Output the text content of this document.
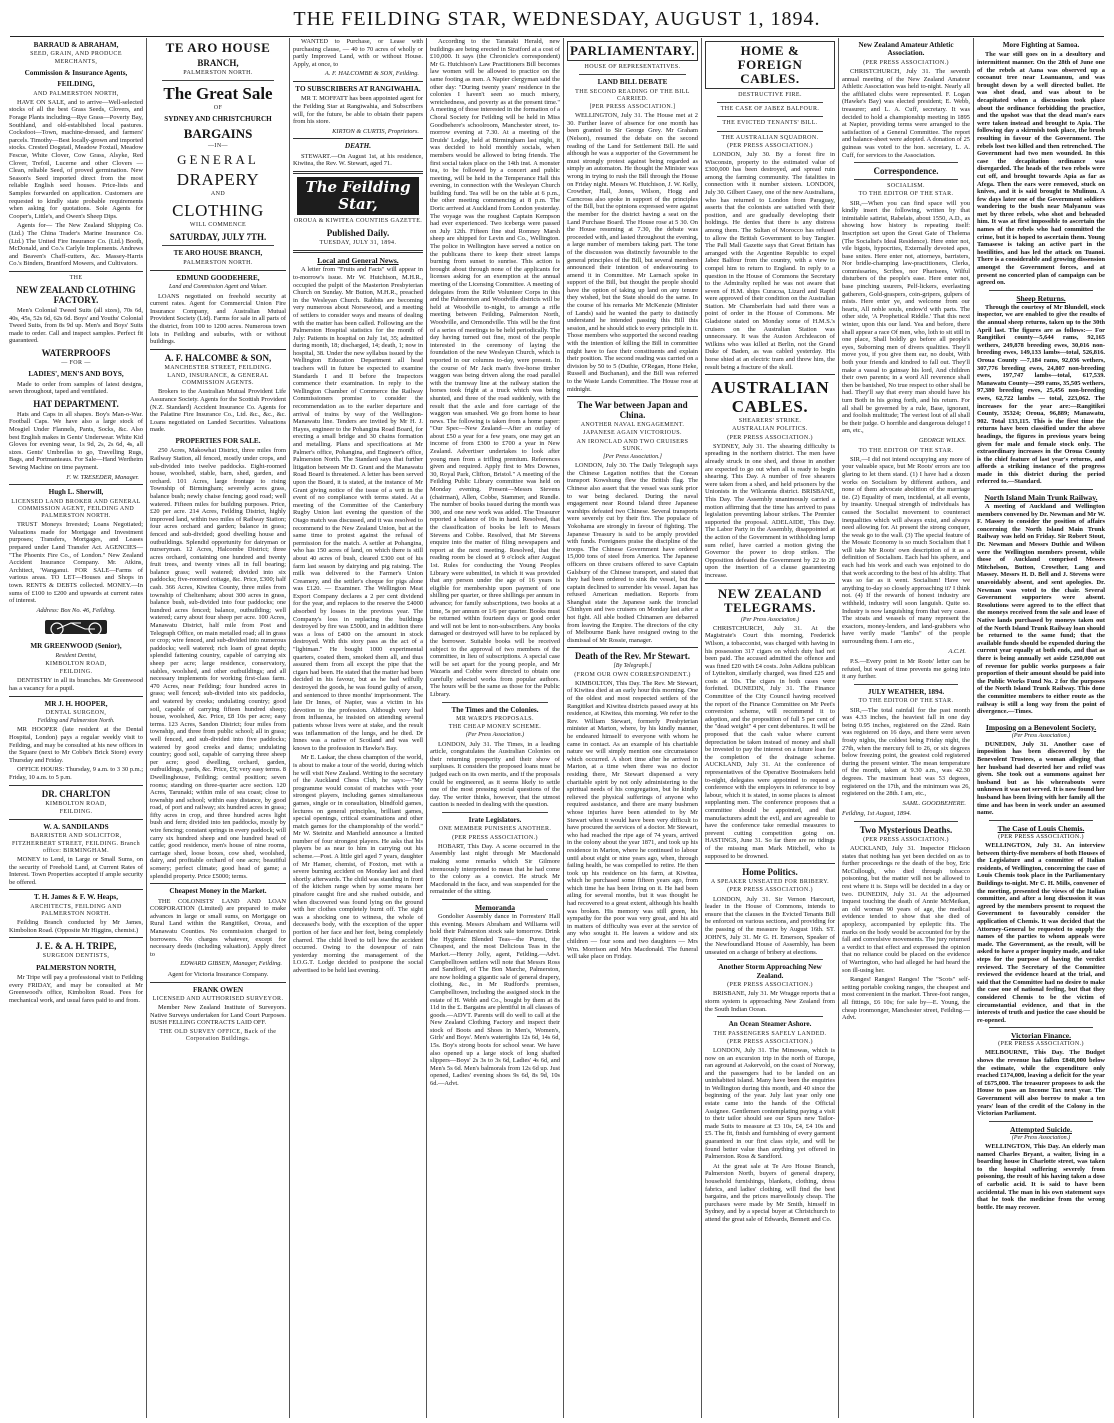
THE FEILDING STAR, WEDNESDAY, AUGUST 1, 1894.
BARRAUD & ABRAHAM,
SEED, GRAIN, AND PRODUCE MERCHANTS,
Commission & Insurance Agents,
FEILDING,
AND PALMERSTON NORTH,

HAVE ON SALE, and to arrive—Well-selected stocks of all the best Grass Seeds, Clovers, and Forage Plants including—Rye Grass—Poverty Bay, Southland, and old-established local pastures. Cocksfoot—Town, machine-dressed, and farmers' parcels. Timothy—Best locally-grown and imported stocks. Crested Dogstail, Meadow Foxtail, Meadow Fescue, White Clover, Cow Grass, Alsyke, Red Clover, Trefoil, Lucerne and other Clovers — Clean, reliable Seed, of proved germination. New Season's Seed imported direct from the most reliable English seed houses. Price-lists and Samples forwarded on application. Customers are requested to kindly state probable requirements when asking for quotations. Sole Agents for Cooper's, Little's, and Owen's Sheep Dips.

Agents for— The New Zealand Shipping Co. (Ltd.) The China Trader's Marine Insurance Co. (Ltd.) The United Fire Insurance Co. (Ltd.) Booth, McDonald, and Co.'s Carlyle Implements. Andrews and Beaven's Chaff-cutters, &c. Massey-Harris Co.'s Binders, Brantford Mowers, and Cultivators.

THE
NEW ZEALAND CLOTHING FACTORY.

Men's Colonial Tweed Suits (all sizes), 70s 6d, 40s, 45s, 52s 6d, 62s 6d. Boys' and Youths' Colonial Tweed Suits, from 8s 9d up. Men's and Boys' Suits made to order. Call and inspect samples. Perfect fit guaranteed.

WATERPROOFS
— FOR —
LADIES', MEN'S AND BOYS,

Made to order from samples of latest designs, sewn throughout, taped and ventilated.

HAT DEPARTMENT.

Hats and Caps in all shapes. Boy's Man-o-War. Football Caps. We have also a large stock of Mosgiel Under Flannels, Pants, Socks, &c. Also best English makes in Gents' Underwear. White Kid Gloves for evening wear, 1s 9d, 2s, 2s 6d, 4s, all sizes. Gents' Umbrellas to go, Travelling Rugs, Bags, and Portmanteaus. For Sale—Hand Wertheim Sewing Machine on time payment.

F. W. TRESEDER, Manager.
Hugh L. Sherwill,
LICENSED LAND BROKER AND GENERAL COMMISSION AGENT, FEILDING AND PALMERSTON NORTH.

TRUST Moneys Invested; Loans Negotiated; Valuations made for Mortgage and Investment purposes; Transfers, Mortgages, and Leases prepared under Land Transfer Act. AGENCIES— "The Phoenix Fire Co., of London." New Zealand Accident Insurance Company. Mr. Atkins, Architect, 'Wanganui. FOR SALE—Farms of various areas. TO LET—Houses and Shops in town. RENTS & DEBTS collected. MONEY.—In sums of £100 to £200 and upwards at current rates of interest.

Address: Box No. 46, Feilding.
MR GREENWOOD (Senior),
Resident Dentist,
KIMBOLTON ROAD,
FEILDING.

DENTISTRY in all its branches. Mr Greenwood has a vacancy for a pupil.

MR J. H. HOOPER,
DENTAL SURGEON,
Feilding and Palmerston North.

MR HOOPER (late resident at the Dental Hospital, London) pays a regular weekly visit to Feilding, and may be consulted at his new offices in the Square (next to Mr Cobbe's Brick Store) every Thursday and Friday.

OFFICE HOURS: Thursday, 9 a.m. to 3 30 p.m.; Friday, 10 a.m. to 5 p.m.

DR. CHARLTON
KIMBOLTON ROAD,
FEILDING.
W. A. SANDILANDS
BARRISTER AND SOLICITOR, FITZHERBERT STREET, FEILDING. Branch office: BIRMINGHAM.

MONEY to Lend, in Large or Small Sums, on the security of Freehold Land, at Current Rates of Interest. Town Properties accepted if ample security be offered.

T. H. James & F. W. Heaps,
ARCHITECTS, FEILDING AND PALMERSTON NORTH.

Feilding Branch conducted by Mr James, Kimbolton Road. (Opposite Mr Higgins, chemist.)

J. E. & A. H. TRIPE,
SURGEON DENTISTS,
PALMERSTON NORTH,

Mr Tripe will pay a professional visit to Feilding every FRIDAY, and may be consulted at Mr Greenwood's office, Kimbolton Road. Fees for mechanical work, and usual fares paid to and from.

TE ARO HOUSE
BRANCH,
PALMERSTON NORTH.
The Great Sale
OF
SYDNEY AND CHRISTCHURCH
BARGAINS
—IN—
GENERAL
DRAPERY
AND
CLOTHING
WILL COMMENCE
SATURDAY, JULY 7TH.
TE ARO HOUSE BRANCH,
PALMERSTON NORTH.
EDMUND GOODEHERE,
Land and Commission Agent and Valuer.

LOANS negotiated on freehold security at current rates. Agent for Commercial Union Fire Insurance Company, and Australian Mutual Provident Society (Ltd). Farms for sale in all parts of the district, from 100 to 1200 acres. Numerous town lots in Feilding and suburbs, with or without buildings.

A. F. HALCOMBE & SON,
MANCHESTER STREET, FEILDING.
LAND, INSURANCE, & GENERAL COMMISSION AGENTS.

Brokers to the Australian Mutual Provident Life Assurance Society. Agents for the Scottish Provident (N.Z. Standard) Accident Insurance Co. Agents for the Palatine Fire Insurance Co., Ltd. &c., &c., &c. Loans negotiated on Landed Securities. Valuations made.

PROPERTIES FOR SALE.

250 Acres, Makowhai District, three miles from Railway Station, all fenced, mostly under crops, and sub-divided into twelve paddocks. Eight-roomed house, woolshed, stable, barn, shed, garden, and orchard. 101 Acres, large frontage to rising Township of Birmingham; severely acres grass, balance bush; newly chaise fencing; good road; well watered. Fifteen miles for building purposes. Price, £20 per acre. 214 Acres, Feilding District, highly improved land, within two miles of Railway Station; four acres orchard and garden; balance in grass; fenced and sub-divided; good dwelling house and outbuildings. Splendid opportunity for dairyman or nurseryman. 12 Acres, Halcombe District; three acres orchard, containing one hundred and twenty fruit trees, and twenty vines all in full bearing; balance grass; well watered; divided into six paddocks; five-roomed cottage, &c. Price, £300; half cash. 366 Acres, Kiwitea County, three miles from township of Cheltenham; about 300 acres in grass, balance bush, sub-divided into four paddocks; one hundred acres fenced; balance, outbuilding; well watered; carry about four sheep per acre. 100 Acres, Manawatu District, half mile from Post and Telegraph Office, on main metalled road; all in grass or crop; wire fenced, and sub-divided into numerous paddocks; well watered; rich loam of great depth; splendid fattening country, capable of carrying six sheep per acre; large residence, conservatory, stables, woolshed, and other outbuildings; and all necessary implements for working first-class farm. 470 Acres, near Feilding; four hundred acres in grass; well fenced; sub-divided into six paddocks, and watered by creeks; undulating country; good soil, capable of carrying fifteen hundred sheep; house, woolshed, &c. Price, £8 10s per acre; easy terms. 123 Acres, Sandon District; four miles from township, and three from public school; all in grass; well fenced, and sub-divided into five paddocks; watered by good creeks and dams; undulating country; good soil, capable of carrying three sheep per acre; good dwelling, orchard, garden, outbuildings, yards, &c. Price, £9; very easy terms. 8 Dwellinghouse, Feilding; central position; seven rooms; standing on three-quarter acre section. 120 Acres, Tarunaki; within mile of sea coast; close to township and school; within easy distance, by good road, of port and railway; six hundred acres in grass; fifty acres in crop, and three hundred acres light bush and fern; divided into ten paddocks, mostly by wire fencing; constant springs in every paddock; will carry six hundred sheep and one hundred head of cattle; good residence, men's house of nine rooms, carriage shed, loose boxes, cow shed, woolshed, dairy, and profitable orchard of one acre; beautiful scenery; perfect climate; good head of game; a splendid property. Price £5000; terms.

Cheapest Money in the Market.

THE COLONISTS' LAND AND LOAN CORPORATION (Limited) are prepared to make advances in large or small sums, on Mortgage on Rural Land within the Rangitikei, Oroua, and Manawatu Counties. No commission charged to borrowers. No charges whatever, except for necessary deeds (including valuation). Apply direct to

EDWARD GIBSEN, Manager, Feilding.
Agent for Victoria Insurance Company.
FRANK OWEN
LICENSED AND AUTHORISED SURVEYOR.

Member New Zealand Institute of Surveyors. Native Surveys undertaken for Land Court Purposes. BUSH FELLING CONTRACTS LAID OFF.

THE OLD SURVEY OFFICE, Back of the Corporation Buildings.

WANTED to Purchase, or Lease with purchasing clause, — 40 to 70 acres of wholly or partly Improved Land, with or without House. Apply, at once, to

A. F. HALCOMBE & SON, Feilding.
TO SUBSCRIBERS AT RANGIWAHIA.

MR T. MOFFATT has been appointed agent for the Feilding Star at Rangiwahia, and Subscribers will, for the future, be able to obtain their papers from his store.

KIRTON & CURTIS, Proprietors.
DEATH.

STEWART.—On August 1st, at his residence, Kiwitea, the Rev. W. Stewart, aged 71.

The Feilding Star,
OROUA & KIWITEA COUNTIES GAZETTE.
Published Daily.
TUESDAY, JULY 31, 1894.
Local and General News.

A letter from "Fruits and Facts" will appear in to-morrow's issue. Mr W. Hutchison, M.H.R., occupied the pulpit of the Masterton Presbyterian Church on Sunday. Mr Button, M.H.R., preached in the Wesleyan Church. Rabbits are becoming very numerous about Norsewood, and a meeting of settlers to consider ways and means of dealing with the matter has been called. Following are the Palmerston Hospital statistics for the month of July: Patients in hospital on July 1st, 35; admitted during month, 18; discharged, 14; death, 1; now in hospital, 38. Under the new syllabus issued by the Wellington Education Department all head teachers will in future be expected to examine Standards I and II before the Inspectors commence their examination. In reply to the Wellington Chamber of Commerce the Railway Commissioners promise to consider the recommendation as to the earlier departure and arrival of trains by way of the Wellington-Manawatu line. Tenders are invited by Mr H. J. Hayes, engineer to the Pohangina Road Board, for erecting a small bridge and 30 chains formation and metalling. Plans and specifications at Mr Palmer's office, Pohangina, and Engineer's office, Palmerston North. The Standard says that further litigation between Mr D. Grant and the Manawatu Road Board is threatened. A letter has been served upon the Board, it is stated, at the instance of Mr Grant giving notice of the issue of a writ in the event of no compliance with terms stated. At a meeting of the Committee of the Canterbury Rugby Union last evening the question of the Otago match was discussed, and it was resolved to recommend to the New Zealand Union, but at the same time to protest against the refusal of permission for the match. A settler at Pohangina, who has 150 acres of land, on which there is still about 40 acres of bush, cleared £300 out of his farm last season by dairying and pig raising. The milk was delivered to the Farmer's Union Creamery, and the settler's cheque for pigs alone was £120. — Examiner. The Wellington Meat Export Company declares a 2 per cent dividend for the year, and replaces to the reserve the £4000 absorbed by losses in the previous year. The Company's loss in replacing the buildings destroyed by fire was £5000, and in addition there was a loss of £400 on the amount in stock destroyed. With this story pass as the act of a "lightman." He bought 1000 experimental quarters, coated them, smoked them all, and thus assured them from all except the pipe that the cigars had been. He stated that the matter had been decided in his favour, but as he had wilfully destroyed the goods, he was found guilty of arson, and sentenced to three months' imprisonment. The late Dr Innes, of Napier, was a victim in his devotion to the profession. Although very bad from influenza, he insisted on attending several patients whose lives were at stake, and the result was inflammation of the lungs, and he died. Dr Innes was a native of Scotland and was well known to the profession in Hawke's Bay.

Mr E. Laskar, the chess champion of the world, is about to make a tour of the world, during which he will visit New Zealand. Writing to the secretary of the Auckland Chess Club, he says:—"My programme would consist of matches with your strongest players, including games simultaneous games, single or in consultation, blindfold games, lectures on general principles, brilliant games, special openings, critical examinations and other match games for the championship of the world." Mr W. Steinitz and Manfield announce a limited number of four strongest players. He asks that his players be as near to him in carrying out his scheme.—Post. A little girl aged 7 years, daughter of Mr Hamer, chemist, of Foxton, met with a severe burning accident on Monday last and died shortly afterwards. The child was standing in front of the kitchen range when by some means her pinafore caught fire and she rushed outside, and when discovered was found lying on the ground with her clothes completely burnt off. The sight was a shocking one to witness, the whole of deceased's body, with the exception of the upper portion of her face and her feet, being completely charred. The child lived to tell how the accident occurred. Owing to the downpour of rain yesterday morning the management of the I.O.G.T. Lodge decided to postpone the social advertised to be held last evening.

According to the Taranaki Herald, new buildings are being erected in Stratford at a cost of £10,000. It says (the Chronicle's correspondent) Mr G. Hutchison's Law Practitioners Bill becomes law women will be allowed to practice on the same footing as men. A Napier clergyman said the other day: "During twenty years' residence in the colonies I haven't seen so much misery, wretchedness, and poverty as at the present time." A meeting of those interested in the formation of a Choral Society for Feilding will be held in Miss Goodbehere's schoolroom, Manchester street, to-morrow evening at 7.30. At a meeting of the Druids' Lodge, held at Birmingham last night, it was decided to hold monthly socials, when members would be allowed to bring friends. The first social takes place on the 14th inst. A monster tea, to be followed by a concert and public meeting, will be held in the Temperance Hall this evening, in connection with the Wesleyan Church building fund. Tea will be on the table at 6 p.m., the other meeting commencing at 8 p.m. The Doric arrived at Auckland from London yesterday. The voyage was the roughest Captain Kempson had ever experienced. Two icebergs were passed on July 12th. Fifteen fine stud Romney Marsh sheep are shipped for Levin and Co., Wellington. The police in Wellington have served a notice on the publicans there to keep their street lamps burning from sunset to sunrise. This action is brought about through none of the applicants for licenses asking for an exemption at the annual meeting of the Licensing Committee. A meeting of delegates from the Rifle Volunteer Corps in this and the Palmerston and Woodville districts will be held at Woodville to-night, to arrange a rifle meeting between Feilding, Palmerston North, Woodville, and Ormondville. This will be the first of a series of meetings to be held periodically. The day having turned out fine, most of the people interested in the ceremony of laying the foundation of the new Wesleyan Church, which is reported in our columns to-day, were present. In the course of Mr Jack man's five-horse timber waggon was being driven along the road parallel with the tramway line at the railway station the horses took fright at a truck which was being shunted, and three of the road suddenly, with the result that the axle and fore carriage of the waggon was smashed. We go from home to hear news. The following is taken from a home paper: "Our Spec—New Zealand—After an outlay of about £50 a year for a few years, one may get an income of from £300 to £700 a year in New Zealand. Advertiser undertakes to look after young men from a trifling premium. References given and required. Apply first to Mrs Downes, 30, Royal Park, Clifton, Bristol." A meeting of the Feilding Public Library committee was held on Monday evening. Present—Messrs Stevens (chairman), Allen, Cobbe, Stammer, and Rundle. The number of books issued during the month was 300, and one new work was added. The Treasurer reported a balance of 10s in hand. Resolved, that the classification of books be left to Messrs Stevens and Cobbe. Resolved, that Mr Stevens enquire into the matter of filing newspapers and report at the next meeting. Resolved, that the reading room be closed at 9 o'clock after August 1st. Rules for conducting the Young Peoples Library were submitted, in which it was provided that any person under the age of 16 years is eligible for membership upon payment of one shilling per quarter, or three shillings per annum in advance; for family subscriptions, two books at a time, 5s per annum or 1/6 per quarter. Books must be returned within fourteen days or good order and will not be lent to non-subscribers. Any books damaged or destroyed will have to be replaced by the borrower. Suitable books will be received subject to the approval of two members of the committee, in lieu of subscriptions. A special case will be set apart for the young people, and Mr Wazaris and Cobbe were directed to obtain one carefully selected works from popular authors. The hours will be the same as those for the Public Library.

The Times and the Colonies.
MR WARD'S PROPOSALS.
THE CHEAP MONEY SCHEME.
(Per Press Association.)

LONDON, July 31. The Times, in a leading article, congratulates the Australian Colonies on their returning prosperity and their show of surpluses. It considers the proposed loans must be judged each on its own merits, and if the proposals could be engineered, as it seems likely to settle one of the most pressing social questions of the day. The writer thinks, however, that the utmost caution is needed in dealing with the question.

Irate Legislators.
ONE MEMBER PUNISHES ANOTHER.
(PER PRESS ASSOCIATION.)

HOBART, This Day. A scene occurred in the Assembly last night through Mr Macdonald making some remarks which Sir Gilmore strenuously interpreted to mean that he had come to the colony as a convict. He struck Mr Macdonald in the face, and was suspended for the remainder of the sitting.

Memoranda

Gondolier Assembly dance in Forresters' Hall this evening. Messrs Abraham and Williams will hold their Palmerston stock sale tomorrow. Drink the Hygienic Blended Teas—the Purest, the Cheapest, and the most Delicious Teas in the Market.—Henry Jolly, agent, Feilding.—Advt. Campbelltown settlers will note that Messrs Ross and Sandford, of The Bon Marche, Palmerston, are now holding a gigantic sale of general drapery, clothing, &c., in Mr Rudford's premises, Campbelltown, including the assigned stock in the estate of H. Webb and Co., bought by them at 8s 11d in the £. Bargains are plentiful in all classes of goods.—ADVT. Parents will do well to call at the New Zealand Clothing Factory and inspect their stock of Boots and Shoes in Men's, Women's, Girls' and Boys'. Men's watertights 12s 6d, 14s 6d, 15s. Boy's strong boots for school wear. We have also opened up a large stock of long shafted slippers—Boys' 2s 3s to 3s 6d, Ladies' 4s 6d, and Men's 5s 6d. Men's balmorals from 12s 6d up. Just opened, Ladies' evening shoes 9s 6d, 8s 9d, 10s 6d.—Advt.

PARLIAMENTARY.
HOUSE OF REPRESENTATIVES.
LAND BILL DEBATE
THE SECOND READING OF THE BILL CARRIED.
[PER PRESS ASSOCIATION.]

WELLINGTON, July 31. The House met at 2 30. Further leave of absence for one month has been granted to Sir George Grey. Mr Graham (Nelson), resumed the debate on the second reading of the Land for Settlement Bill. He said although he was a supporter of the Government he must strongly protest against being regarded as simply an automaton. He thought the Minister was wrong in trying to rush the Bill through the House on Friday night. Messrs W. Hutchison, J. W. Kelly, Crowther, Hall, Jones, Wilson, Hogg and Carncross also spoke in support of the principles of the Bill, but the opinions expressed were against the member for the district having a seat on the Land Purchase Board. The House rose at 5 30. On the House resuming at 7.30, the debate was proceeded with, and lasted throughout the evening, a large number of members taking part. The tone of the discussion was distinctly favourable to the general principles of the Bill, but several members announced their intention of endeavouring to amend it in Committee. Mr Larnach spoke in support of the Bill, but thought the people should have the option of taking up land on any tenure they wished, but the State should do the same. In the course of his remarks Mr McKenzie (Minister of Lands) said he wanted the party to distinctly understand he intended passing this Bill this session, and he should stick to every principle in it. Those members who supported the second reading with the intention of killing the Bill in committee might have to face their constituents and explain their position. The second reading was carried on a division by 50 to 5 (Duthie, O'Regan, Hone Heke, Russell and Buchanan), and the Bill was referred to the Waste Lands Committee. The House rose at midnight.

The War between Japan and China.
ANOTHER NAVAL ENGAGEMENT.
JAPANESE AGAIN VICTORIOUS.
AN IRONCLAD AND TWO CRUISERS SUNK.
[Per Press Association.]

LONDON, July 30. The Daily Telegraph says the Chinese Legation notifies that the Corean transport Kowshung flew the British flag. The Chinese also assert that the vessel was sunk prior to war being declared. During the naval engagement near Round Island three Japanese warships defeated two Chinese. Several transports were severely cut by their fire. The populace of Yokohama are strongly in favour of fighting. The Japanese Treasury is said to be amply provided with funds. Foreigners praise the discipline of the troops. The Chinese Government have ordered 15,000 tons of steel from America. The Japanese officers on three cruisers offered to save Captain Galsbury of the Chinese transport, and stated that they had been ordered to sink the vessel, but the captain declined to surrender his vessel. Japan has refused American mediation. Reports from Shanghai state the Japanese sank the ironclad Chinhyen and two cruisers on Monday last after a hot fight. All able bodied Chinamen are debarred from leaving the Empire. The directors of the city of Melbourne Bank have resigned owing to the dismissal of Mr Rossie, manager.

Death of the Rev. Mr Stewart.
[By Telegraph.]
(FROM OUR OWN CORRESPONDENT.)

KIMBOLTON, This Day. The Rev. Mr Stewart, of Kiwitea died at an early hour this morning. One of the oldest and most respected settlers of the Rangitikei and Kiwitea districts passed away at his residence, at Kiwitea, this morning. We refer to the Rev. William Stewart, formerly Presbyterian minister at Marton, where, by his kindly manner, he endeared himself to everyone with whom he came in contact. As an example of his charitable nature we will simply mention one circumstance which occurred. A short time after he arrived in Marton, at a time when there was no doctor residing there, Mr Stewart dispensed a very charitable spirit by not only administering to the spiritual needs of his congregation, but he kindly relieved the physical sufferings of anyone who required assistance, and there are many bushmen whose injuries have been attended to by Mr Stewart when it would have been very difficult to have procured the services of a doctor. Mr Stewart, who had reached the ripe age of 74 years, arrived in the colony about the year 1871, and took up his residence in Marton, where he continued to labour until about eight or nine years ago, when, through failing health, he was compelled to retire. He then took up his residence on his farm, at Kiwitea, which he purchased some fifteen years ago, from which time he has been living on it. He had been ailing for several months, but it was thought he had recovered to a great extent, although his health was broken. His memory was still green, his sympathy for the poor was very great, and his aid in matters of difficulty was ever at the service of any who sought it. He leaves a widow and six children — four sons and two daughters — Mrs Wm. Morrison and Mrs Macdonald. The funeral will take place on Friday.

HOME & FOREIGN CABLES.
DESTRUCTIVE FIRE.
THE CASE OF JABEZ BALFOUR.
THE EVICTED TENANTS' BILL.
THE AUSTRALIAN SQUADRON.
(PER PRESS ASSOCIATION.)

LONDON, July 30. By a forest fire in Wisconsin, property to the estimated value of £300,000 has been destroyed, and spread ruin among the farming community. The fatalities in connection with it number sixteen. LONDON, July 30. Gilbert Casey, one of the new Australians, who has returned to London from Paraguay, asserts that the colonists are satisfied with their position, and are gradually developing their holdings. He denies that there is any distress among them. The Sultan of Morocco has refused to allow the British Government to buy Tangier. The Pall Mall Gazette says that Great Britain has arranged with the Argentine Republic to expel Jabez Balfour from the country, with a view to compel him to return to England. In reply to a question in the House of Commons the Secretary to the Admiralty replied he was not aware that seven of H.M. ships Curacoa, Lizard and Rapid were approved of their condition on the Australian Station. Mr Chamberlain had said there was a point of order in the House of Commons. Mr Gladstone stated on Monday some of H.M.S.'s cruisers on the Australian Station was unnecessary. It was the Auston Archdeacon of Wilkins who was killed at Berlin, not the Grand Duke of Baden, as was cabled yesterday. His horse shied at an electric tram and threw him, the result being a fracture of the skull.

AUSTRALIAN CABLES.
SHEARERS' STRIKE.
AUSTRALIAN POLITICS.
(PER PRESS ASSOCIATION.)

SYDNEY, July 31. The shearing difficulty is spreading in the northern district. The men have already struck in one shed, and those in another are expected to go out when all is ready to begin shearing. This Day. A number of free shearers were taken from a shed, and held prisoners by the Unionists in the Wilcannia district. BRISBANE, This Day. The Assembly unanimously carried a motion affirming that the time has arrived to pass legislation preventing labour strikes. The Premier supported the proposal. ADELAIDE, This Day. The Labor Party in the Assembly, disappointed at the action of the Government in withholding lump sum relief, have carried a motion giving the Governor the power to drop strikes. The Opposition defeated the Government by 22 to 20 upon the insertion of a clause guaranteeing increase.

NEW ZEALAND TELEGRAMS.
(Per Press Association.)

CHRISTCHURCH, July 31. At the Magistrate's Court this morning, Frederick Wilson, a tobacconist, was charged with having in his possession 317 cigars on which duty had not been paid. The accused admitted the offence and was fined £20 with £4 costs. John Adkins publican of Lyttelton, similarly charged, was fined £25 and costs at 10s. The cigars in both cases were forfeited. DUNEDIN, July 31. The Finance Committee of the City Council having received the report of the Finance Committee on Mr Peet's conversion scheme, will recommend it to adoption, and the proposition of full 5 per cent of the "dead weight" 4 per cent debentures. It will be proposed that the cash value where current depreciation be taken instead of money and shall be invested to pay the interest on a future loan for the completion of the drainage scheme. AUCKLAND, July 31. At the conference of representatives of the Operative Bootmakers held to-night, delegates were appointed to request a conference with the employers in reference to boy labour, which it is stated, in some places is almost supplanting men. The conference proposes that a committee should be appointed, and that manufacturers admit the evil, and are agreeable to have the conference take remedial measures to prevent cutting competition going on. HASTINGS, June 31. So far there are no tidings of the missing man Mark Mitchell, who is supposed to be drowned.

Home Politics.
A SPEAKER UNSEATED FOR BRIBERY.
(PER PRESS ASSOCIATION.)

LONDON, July 31. Sir Vernon Harcourt, leader in the House of Commons, intends to ensure that the clauses in the Evicted Tenants Bill be enforced on various sections, and providing for the passing of the measure by August 16th. ST. JOHN'S, July 31. Mr G. H. Emerson, Speaker of the Newfoundland House of Assembly, has been unseated on a charge of bribery at elections.

Another Storm Approaching New Zealand.
(PER PRESS ASSOCIATION.)

BRISBANE, July 31. Mr Wragge reports that a storm system is approaching New Zealand from the South Indian Ocean.

An Ocean Steamer Ashore.
THE PASSENGERS SAFELY LANDED.
(PER PRESS ASSOCIATION.)

LONDON, July 31. The Mimowas, which is now on an excursion trip in the north of Europe, ran aground at Askervold, on the coast of Norway, and the passengers had to be landed on an uninhabited island. Many have been the enquiries in Wellington during this month, and 40 since the beginning of the year. July last year only one estate came into the hands of the Official Assignee. Gentlemen contemplating paying a visit to their tailor should see our Spurs new Tailor-made Suits to measure at £3 10s, £4, £4 10s and £5. The fit, finish and furnishing of every garment guaranteed in our first class style, and will be found better value than anything yet offered in Palmerston. Ross & Sandford.

At the great sale at Te Aro House Branch, Palmerston North, buyers of general drapery, household furnishings, blankets, clothing, dress fabrics, and ladies' clothing, will find the best bargains, and the prices marvellously cheap. The purchases were made by Mr Smith, himself in Sydney, and by a special buyer at Christchurch to attend the great sale of Edwards, Bennett and Co.

New Zealand Amateur Athletic Association.
(PER PRESS ASSOCIATION.)

CHRISTCHURCH, July 31. The seventh annual meeting of the New Zealand Amateur Athletic Association was held to-night. Nearly all the affiliated clubs were represented. F. Logan (Hawke's Bay) was elected president; E. Webb, treasurer; and L. A. Cuff, secretary. It was decided to hold a championship meeting in 1895 at Napier, providing terms were arranged to the satisfaction of a General Committee. The report and balance-sheet were adopted. A donation of 25 guineas was voted to the hon. secretary, L. A. Cuff, for services to the Association.

Correspondence.
SOCIALISM.
TO THE EDITOR OF THE STAR.

SIR,—When you can find space will you kindly insert the following, written by that inimitable satirist, Rabelais, about 1550, A.D., as showing how history is repeating itself: Inscription set upon the Great Gate of Thelema (The Socialist's Ideal Residence). Here enter not, vile bigots, hypocrites, Externally devoted apes, base snites. Here enter not, attorneys, barristers, Nor bridle-champing law-practitioners, Clerks, commissaries, Scribes, nor Pharisees, Wilful disturbers of the people's ease. Here enter not, base pinching usurers, Pelf-lickers, everlasting gatherers, Gold-graspers, coin-gripers, gulpers of mists. Here enter ye, and welcome from our hearts, All noble souls, endow'd with parts. The other side, 'A Prophetical Riddle.' That this next winter, upon this our land. Yea and before, there shall appear a race Of men, who, loth to sit still in one place, Shall boldly go before all people's eyes, Suborning men of divers qualities. They'll move you, if you give them ear, no doubt, With both your friends and kindred to fall out. They'll make a vassal to gainsay his lord, And children their own parents; in a word All reverence shall then be banished, No true respect to other shall be had. They'll say that every man should have his turn Both in his going forth, and his return. For all shall be governed by a rule, Base, ignorant, and foolish multitude; The veriest lout of all shall be their judge. O horrible and dangerous deluge! I am, etc.,

GEORGE WILKS.
TO THE EDITOR OF THE STAR.

SIR,—I did not intend occupying any more of your valuable space, but Mr Roots' errors are too glaring to let them stand. (1) I have had a dozen works on Socialism by different authors, and none of them advocate abolition of the marriage tie. (2) Equality of men, incidental, at all events, by insanity. Unequal strength of individuals has caused the Socialist movement to counteract inequalities which will always exist, and always need allowing for. At present the strong conquer, the weak go to the wall. (3) The special feature of the Mosaic Economy is so much Socialism that I will take Mr Roots' own description of it as a definition of Socialism. Each had his sphere, and each had his work and each was enjoined to do that work according to the best of his ability. That was so far as it went. Socialism! Have we anything to-day so closely approaching it? I think not. (4) If the rewards of honest industry are withheld, industry will soon languish. Quite so. Industry is now languishing from that very cause. The stoats and weasels of many represent the exactors, money-lenders, and land-grabbers who have verily made "lambs" of the people surrounding them. I am etc.,

A.C.H.

P.S.—Every point in Mr Roots' letter can be refuted, but want of time prevents me going into it any further.

JULY WEATHER, 1894.
TO THE EDITOR OF THE STAR.

SIR,—The total rainfall for the past month was 4.33 inches, the heaviest fall in one day being 0.95 inches, registered on the 22nd. Rain was registered on 16 days, and there were seven frosty nights, the coldest being Friday night, the 27th, when the mercury fell to 26, or six degrees below freezing point, the greatest cold registered during the present winter. The mean temperature of the month, taken at 9.30 a.m., was 42.30 degrees. The maximum heat was 53 degrees, registered on the 17th, and the minimum was 26, registered on the 28th. I am, etc.,

SAML. GOODBEHERE.
Feilding, 1st August, 1894.
Two Mysterious Deaths.
(PER PRESS ASSOCIATION.)

AUCKLAND, July 31. Inspector Hickson states that nothing has yet been decided on as to further proceedings re the death of the boy, Eric McCullough, who died through tobacco poisoning, but the matter will not be allowed to rest where it is. Steps will be decided in a day or two. DUNEDIN, July 31. At the adjourned inquest touching the death of Annie McMeikan, an old woman 90 years of age, the medical evidence tended to show that she died of apoplexy, accompanied by epileptic fits. The marks on the body would be accounted for by the fall and convulsive movements. The jury returned a verdict to that effect and expressed the opinion that no reliance could be placed on the evidence of Warrington, who had alleged he had heard the son ill-using her.

Ranges! Ranges! Ranges! The "Scots" self-setting portable cooking ranges, the cheapest and most convenient in the market. Three-foot ranges, all fittings, £6 10s; for sale by—E. Young, the cheap ironmonger, Manchester street, Feilding.—Advt.

More Fighting at Samoa.

The war still goes on in a desultory and intermittent manner. On the 28th of June one of the rebels at Aana was observed up a cocoanut tree near Loanuanuu, and was brought down by a well directed bullet. He was shot dead, and was about to be decapitated when a discussion took place about the ordinance forbidding the practice, and the upshot was that the dead man's ears were taken instead and brought to Apia. The following day a skirmish took place, the brush resulting in favour of the Government. The rebels lost two killed and then retrenched. The Government had two men wounded. In this case the decapitation ordinance was disregarded. The heads of the two rebels were cut off, and brought towards Apia as far as Afega. Then the ears were removed, stuck on knives, and it is said brought to Mulinuu. A few days later one of the Government soldiers wandering to the bush near Malyanuu was met by three rebels, who shot and beheaded him. It was at first impossible to ascertain the names of the rebels who had committed the crime, but it is hoped to ascertain them. Young Tamasese is taking an active part in the hostilities, and has led the attack on Tuanoi. There is a considerable and growing dissension amongst the Government forces, and at present no concerted plan of campaign can be agreed on.

Sheep Returns.

Through the courtesy of Mr Blundell, stock inspector, we are enabled to give the results of the annual sheep returns, taken up to the 30th April last. The figures are as follows:— For Rangitikei county—5,644 rams, 92,165 wethers, 249,878 breeding ewes, 30,016 non-breeding ewes, 149,133 lambs—total, 526,816. Oroua County —7,184 rams, 92,036 wethers, 307,776 breeding ewes, 24,807 non-breeding ewes, 197,747 lambs—total, 617,539. Manawatu County—299 rams, 35,505 wethers, 97,380 breeding ewes, 25,456 non-breeding ewes, 62,722 lambs — total, 223,062. The increases for the year are:—Rangitikei County, 35324; Oroua, 96,889; Manawatu, 902. Total 133,115. This is the first time the returns have been classified under the above headings, the figures in previous years being given for male and female stock only. The extraordinary increases in the Oroua County is the chief feature of last year's returns, and affords a striking instance of the progress made in this district during the period referred to.—Standard.

North Island Main Trunk Railway.

A meeting of Auckland and Wellington members convened by Dr. Newman and Mr W. F. Massey to consider the position of affairs concerning the North Island Main Trunk Railway was held on Friday. Sir Robert Stout, Dr. Newman and Messrs Duthie and Wilson were the Wellington members present, while those of Auckland comprised Messrs Mitchelson, Button, Crowther, Lang and Massey. Messrs H. D. Bell and J. Stevens were unavoidably absent, and sent apologies. Dr. Newman was voted to the chair. Several Government supporters were absent. Resolutions were agreed to to the effect that the moneys received from the sale and lease of Native lands purchased by moneys taken out of the North Island Trunk Railway loan should be returned to the same fund; that the available funds should be expended during the current year equally at both ends, and that as there is being annually set aside £250,000 out of revenue for public works purposes a fair proportion of their amount should be paid into the Public Works Fund No. 2 for the purposes of the North Island Trunk Railway. This done the committee members to either route as the railway is still a long way from the point of divergence.—Times.

Imposing on a Benevolent Society.
(Per Press Association.)

DUNEDIN, July 31. Another case of imposition has been discovered by the Benevolent Trustees, a woman alleging that her husband had deserted her and relief was given. She took out a summons against her husband but as his whereabouts were unknown it was not served. It is now found her husband has been living with her family all the time and has been in work under an assumed name.

The Case of Louis Chemis.
(PER PRESS ASSOCIATION.)

WELLINGTON, July 31. An interview between thirty-five members of both Houses of the Legislature and a committee of Italian residents, of Wellington, concerning the case of Louis Chemis took place in the Parliamentary Buildings to-night. Mr C. H. Mills, convener of the meeting, presented the views of the Italian committee, and after a long discussion it was agreed by the members present to request the Government to favourably consider the application of Chemis. It was decided that the Attorney-General be requested to supply the names of the parties to whom appeals were made. The Government, as the result, will be asked to have a proper inquiry made, and take steps for the purpose of having the verdict reviewed. The Secretary of the Committee reviewed the evidence heard at the trial, and said that the Committee had no desire to make the case one of national feeling, but that they considered Chemis to be the victim of circumstantial evidence, and that in the interests of truth and justice the case should be re-opened.

Victorian Finance.
(PER PRESS ASSOCIATION.)

MELBOURNE, This Day. The Budget shows the revenue has fallen £848,000 below the estimate, while the expenditure only reached £174,000, leaving a deficit for the year of £675,000. The treasurer proposes to ask the House to pass an Income Tax next year. The Government will also borrow to make a ten years' loan of the credit of the Colony in the Victorian Parliament.

Attempted Suicide.
(Per Press Association.)

WELLINGTON, This Day. An elderly man named Charles Bryant, a waiter, living in a boarding house in Charlotte street, was taken to the hospital suffering severely from poisoning, the result of his having taken a dose of carbolic acid. It is said to have been accidental. The man in his own statement says that he took the medicine from the wrong bottle. He may recover.
